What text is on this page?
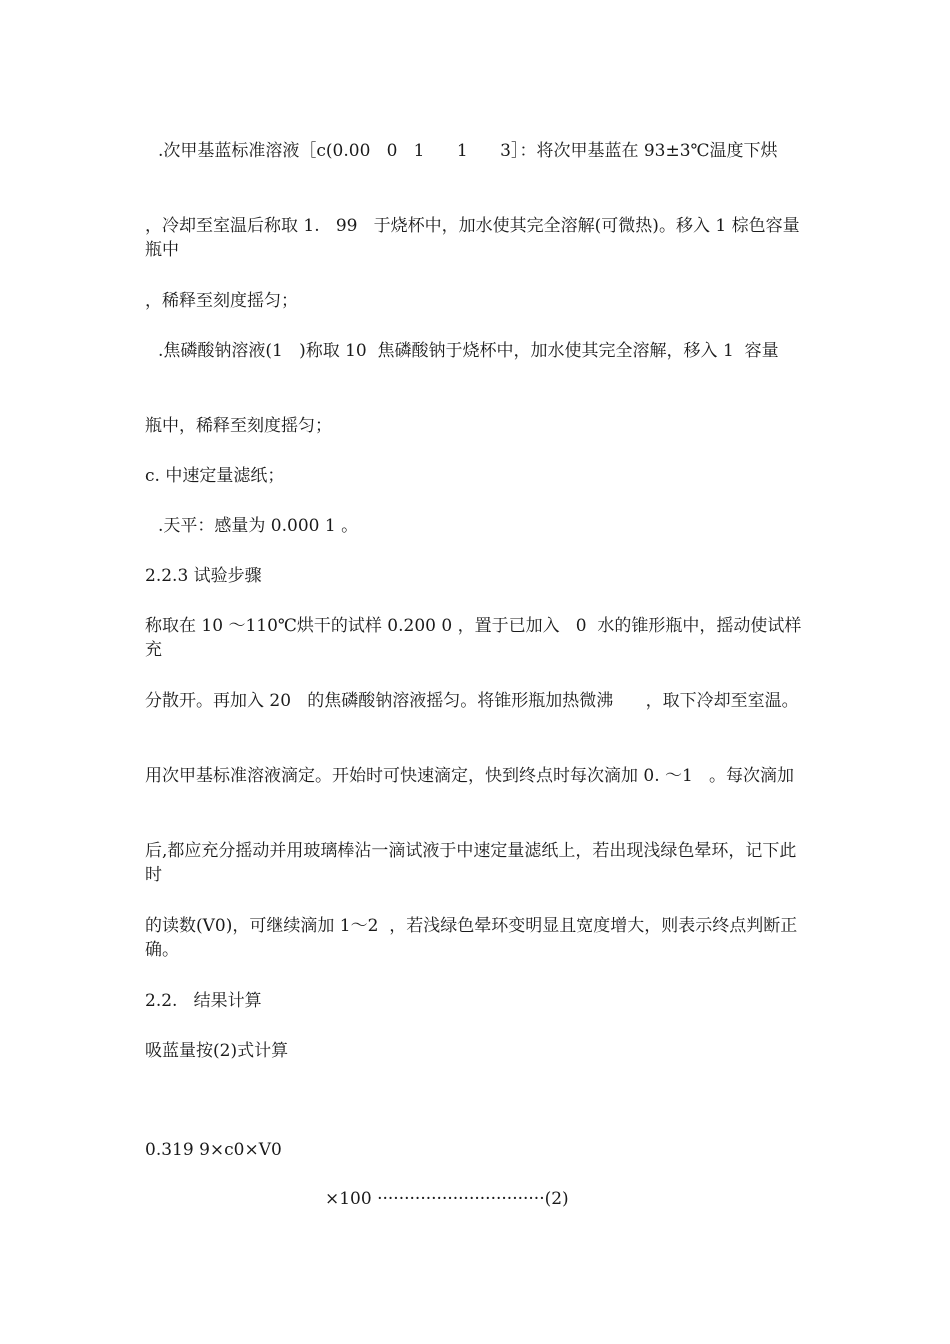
.次甲基蓝标准溶液［c(0.00   0   1      1      3］：将次甲基蓝在 93±3℃温度下烘

，冷却至室温后称取 1.   99   于烧杯中，加水使其完全溶解(可微热)。移入 1 棕色容量瓶中

，稀释至刻度摇匀；

.焦磷酸钠溶液(1   )称取 10  焦磷酸钠于烧杯中，加水使其完全溶解，移入 1  容量

瓶中，稀释至刻度摇匀；

c. 中速定量滤纸；

.天平：感量为 0.000 1 。

2.2.3 试验步骤

称取在 10 ～110℃烘干的试样 0.200 0 ，置于已加入   0  水的锥形瓶中，摇动使试样充

分散开。再加入 20   的焦磷酸钠溶液摇匀。将锥形瓶加热微沸      ，取下冷却至室温。

用次甲基标准溶液滴定。开始时可快速滴定，快到终点时每次滴加 0. ～1   。每次滴加

后,都应充分摇动并用玻璃棒沾一滴试液于中速定量滤纸上，若出现浅绿色晕环，记下此时

的读数(V0)，可继续滴加 1～2  ，若浅绿色晕环变明显且宽度增大，则表示终点判断正确。

2.2.   结果计算

吸蓝量按(2)式计算

0.319 9×c0×V0

×100 ·······························(2)
